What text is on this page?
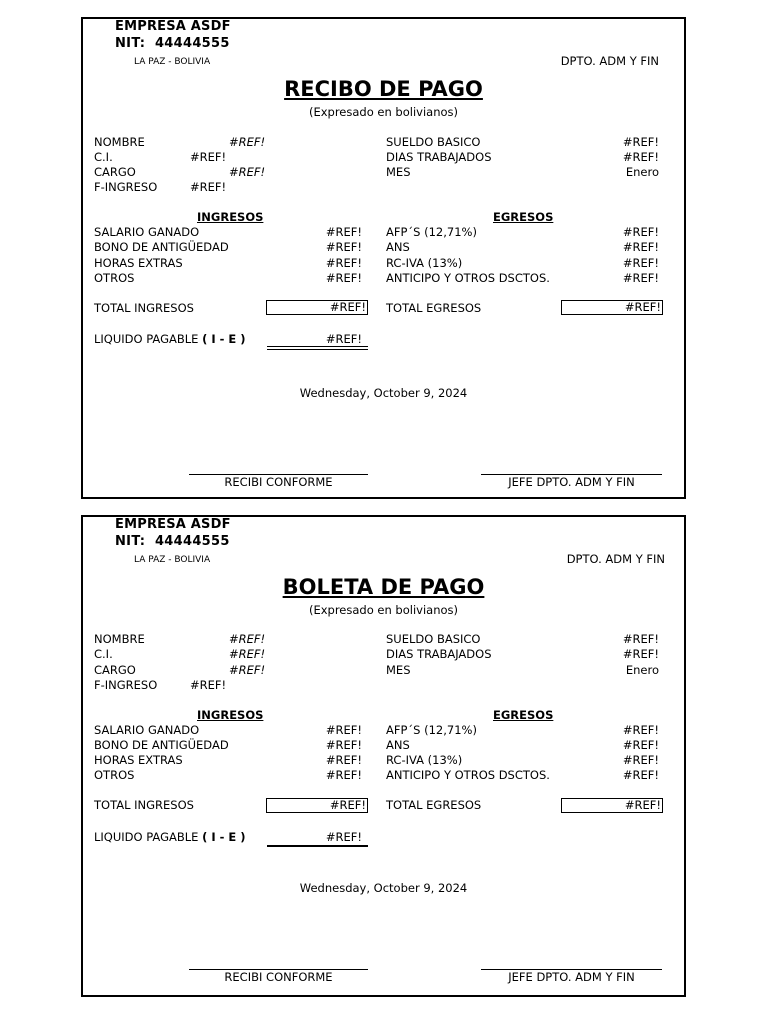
EMPRESA ASDF
NIT: 44444555
LA PAZ - BOLIVIA	DPTO. ADM Y FIN
RECIBO DE PAGO
(Expresado en bolivianos)
NOMBRE	#REF!
C.I.	#REF!
CARGO	#REF!
F-INGRESO	#REF!
SUELDO BASICO	#REF!
DIAS TRABAJADOS	#REF!
MES	Enero
INGRESOS	EGRESOS
SALARIO GANADO	#REF!
BONO DE ANTIGÜEDAD	#REF!
HORAS EXTRAS	#REF!
OTROS	#REF!
AFP´S (12,71%)	#REF!
ANS	#REF!
RC-IVA (13%)	#REF!
ANTICIPO Y OTROS DSCTOS.	#REF!
TOTAL INGRESOS	#REF! TOTAL EGRESOS	#REF!
LIQUIDO PAGABLE ( I - E )	#REF!
Wednesday, October 9, 2024
RECIBI CONFORME	JEFE DPTO. ADM Y FIN
EMPRESA ASDF
NIT: 44444555
LA PAZ - BOLIVIA	DPTO. ADM Y FIN
BOLETA DE PAGO
(Expresado en bolivianos)
NOMBRE	#REF!
C.I.	#REF!
CARGO	#REF!
F-INGRESO	#REF!
SUELDO BASICO	#REF!
DIAS TRABAJADOS	#REF!
MES	Enero
INGRESOS	EGRESOS
SALARIO GANADO	#REF!
BONO DE ANTIGÜEDAD	#REF!
HORAS EXTRAS	#REF!
OTROS	#REF!
AFP´S (12,71%)	#REF!
ANS	#REF!
RC-IVA (13%)	#REF!
ANTICIPO Y OTROS DSCTOS.	#REF!
TOTAL INGRESOS	#REF! TOTAL EGRESOS	#REF!
LIQUIDO PAGABLE ( I - E )	#REF!
Wednesday, October 9, 2024
RECIBI CONFORME	JEFE DPTO. ADM Y FIN
